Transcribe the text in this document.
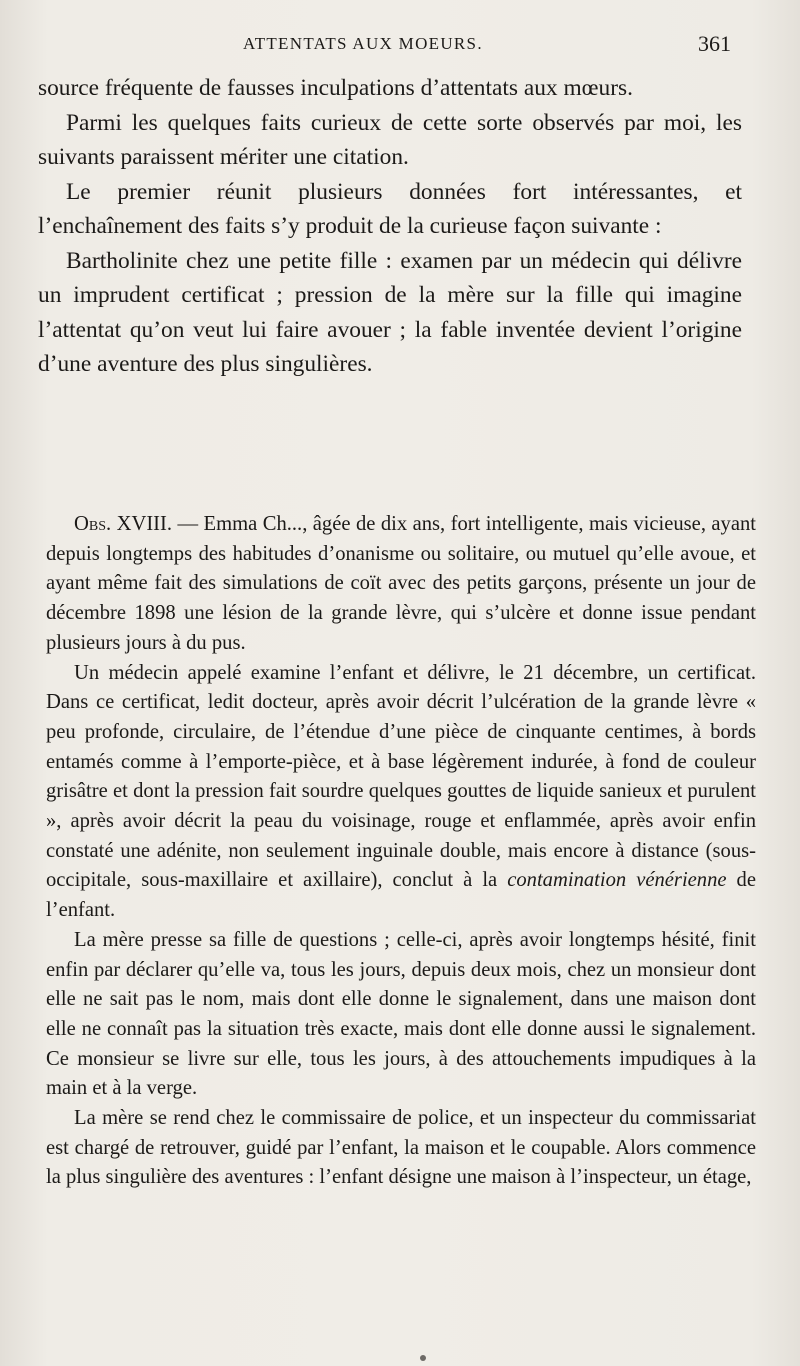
ATTENTATS AUX MOEURS.	361

source fréquente de fausses inculpations d’attentats aux mœurs.

Parmi les quelques faits curieux de cette sorte observés par moi, les suivants paraissent mériter une citation.

Le premier réunit plusieurs données fort intéressantes, et l’enchaînement des faits s’y produit de la curieuse façon suivante :

Bartholinite chez une petite fille : examen par un médecin qui délivre un imprudent certificat ; pression de la mère sur la fille qui imagine l’attentat qu’on veut lui faire avouer ; la fable inventée devient l’origine d’une aventure des plus singulières.

Obs. XVIII. — Emma Ch..., âgée de dix ans, fort intelligente, mais vicieuse, ayant depuis longtemps des habitudes d’onanisme ou solitaire, ou mutuel qu’elle avoue, et ayant même fait des simulations de coït avec des petits garçons, présente un jour de décembre 1898 une lésion de la grande lèvre, qui s’ulcère et donne issue pendant plusieurs jours à du pus.

Un médecin appelé examine l’enfant et délivre, le 21 décembre, un certificat. Dans ce certificat, ledit docteur, après avoir décrit l’ulcération de la grande lèvre « peu profonde, circulaire, de l’étendue d’une pièce de cinquante centimes, à bords entamés comme à l’emporte-pièce, et à base légèrement indurée, à fond de couleur grisâtre et dont la pression fait sourdre quelques gouttes de liquide sanieux et purulent », après avoir décrit la peau du voisinage, rouge et enflammée, après avoir enfin constaté une adénite, non seulement inguinale double, mais encore à distance (sous-occipitale, sous-maxillaire et axillaire), conclut à la contamination vénérienne de l’enfant.

La mère presse sa fille de questions ; celle-ci, après avoir longtemps hésité, finit enfin par déclarer qu’elle va, tous les jours, depuis deux mois, chez un monsieur dont elle ne sait pas le nom, mais dont elle donne le signalement, dans une maison dont elle ne connaît pas la situation très exacte, mais dont elle donne aussi le signalement. Ce monsieur se livre sur elle, tous les jours, à des attouchements impudiques à la main et à la verge.

La mère se rend chez le commissaire de police, et un inspecteur du commissariat est chargé de retrouver, guidé par l’enfant, la maison et le coupable. Alors commence la plus singulière des aventures : l’enfant désigne une maison à l’inspecteur, un étage,
